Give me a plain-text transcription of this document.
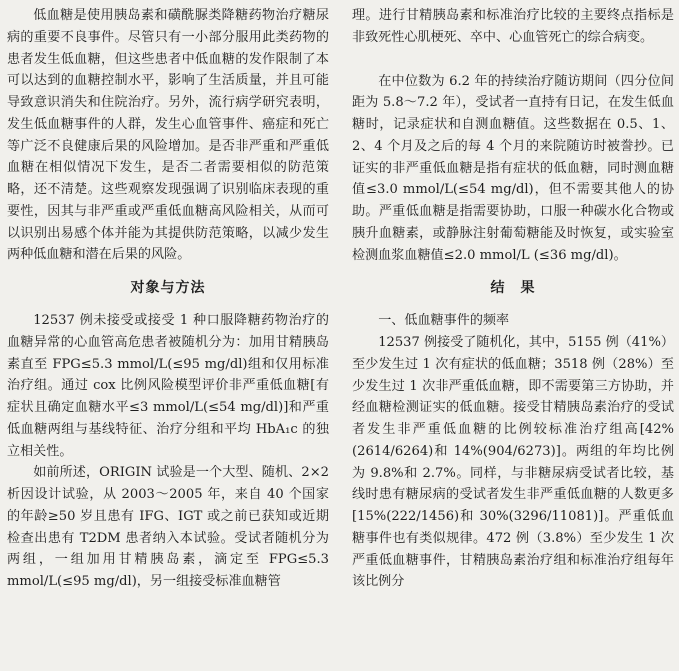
低血糖是使用胰岛素和磺酰脲类降糖药物治疗糖尿病的重要不良事件。尽管只有一小部分服用此类药物的患者发生低血糖，但这些患者中低血糖的发作限制了本可以达到的血糖控制水平，影响了生活质量，并且可能导致意识消失和住院治疗。另外，流行病学研究表明，发生低血糖事件的人群，发生心血管事件、癌症和死亡等广泛不良健康后果的风险增加。是否非严重和严重低血糖在相似情况下发生，是否二者需要相似的防范策略，还不清楚。这些观察发现强调了识别临床表现的重要性，因其与非严重或严重低血糖高风险相关，从而可以识别出易感个体并能为其提供防范策略，以减少发生两种低血糖和潜在后果的风险。

对象与方法

12537 例未接受或接受 1 种口服降糖药物治疗的血糖异常的心血管高危患者被随机分为：加用甘精胰岛素直至 FPG≤5.3 mmol/L(≤95 mg/dl)组和仅用标准治疗组。通过 cox 比例风险模型评价非严重低血糖[有症状且确定血糖水平≤3 mmol/L(≤54 mg/dl)]和严重低血糖两组与基线特征、治疗分组和平均 HbA₁c 的独立相关性。

如前所述，ORIGIN 试验是一个大型、随机、2×2 析因设计试验，从 2003～2005 年，来自 40 个国家的年龄≥50 岁且患有 IFG、IGT 或之前已获知或近期检查出患有 T2DM 患者纳入本试验。受试者随机分为两组，一组加用甘精胰岛素，滴定至 FPG≤5.3 mmol/L(≤95 mg/dl)，另一组接受标准血糖管

理。进行甘精胰岛素和标准治疗比较的主要终点指标是非致死性心肌梗死、卒中、心血管死亡的综合病变。

在中位数为 6.2 年的持续治疗随访期间（四分位间距为 5.8～7.2 年），受试者一直持有日记，在发生低血糖时，记录症状和自测血糖值。这些数据在 0.5、1、2、4 个月及之后的每 4 个月的来院随访时被誊抄。已证实的非严重低血糖是指有症状的低血糖，同时测血糖值≤3.0 mmol/L(≤54 mg/dl)，但不需要其他人的协助。严重低血糖是指需要协助，口服一种碳水化合物或胰升血糖素，或静脉注射葡萄糖能及时恢复，或实验室检测血浆血糖值≤2.0 mmol/L (≤36 mg/dl)。

结　果
一、低血糖事件的频率

12537 例接受了随机化，其中，5155 例（41%）至少发生过 1 次有症状的低血糖；3518 例（28%）至少发生过 1 次非严重低血糖，即不需要第三方协助，并经血糖检测证实的低血糖。接受甘精胰岛素治疗的受试者发生非严重低血糖的比例较标准治疗组高[42%(2614/6264)和 14%(904/6273)]。两组的年均比例为 9.8%和 2.7%。同样，与非糖尿病受试者比较，基线时患有糖尿病的受试者发生非严重低血糖的人数更多[15%(222/1456)和 30%(3296/11081)]。严重低血糖事件也有类似规律。472 例（3.8%）至少发生 1 次严重低血糖事件，甘精胰岛素治疗组和标准治疗组每年该比例分
